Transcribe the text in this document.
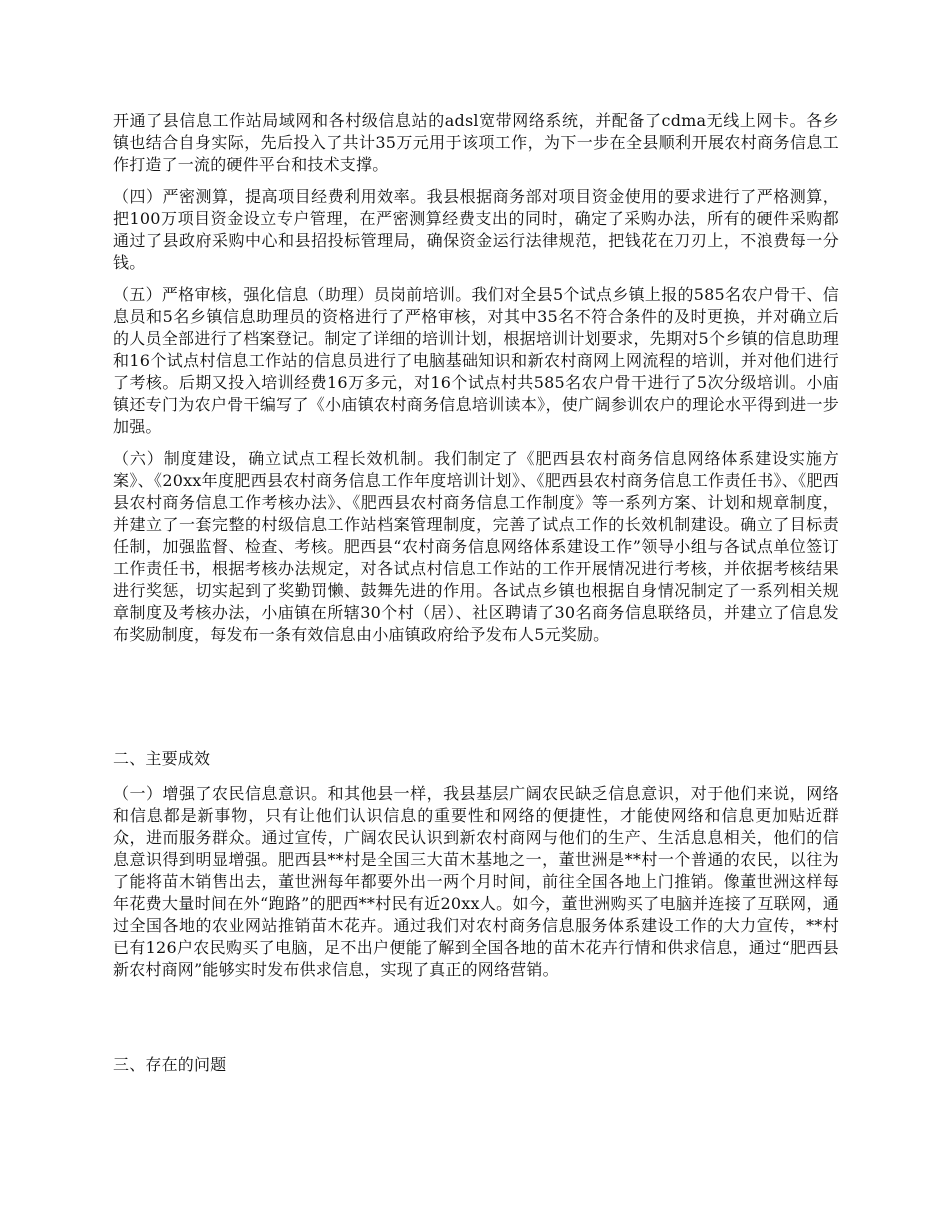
开通了县信息工作站局域网和各村级信息站的adsl宽带网络系统，并配备了cdma无线上网卡。各乡镇也结合自身实际，先后投入了共计35万元用于该项工作，为下一步在全县顺利开展农村商务信息工作打造了一流的硬件平台和技术支撑。

（四）严密测算，提高项目经费利用效率。我县根据商务部对项目资金使用的要求进行了严格测算，把100万项目资金设立专户管理，在严密测算经费支出的同时，确定了采购办法，所有的硬件采购都通过了县政府采购中心和县招投标管理局，确保资金运行法律规范，把钱花在刀刃上，不浪费每一分钱。

（五）严格审核，强化信息（助理）员岗前培训。我们对全县5个试点乡镇上报的585名农户骨干、信息员和5名乡镇信息助理员的资格进行了严格审核，对其中35名不符合条件的及时更换，并对确立后的人员全部进行了档案登记。制定了详细的培训计划，根据培训计划要求，先期对5个乡镇的信息助理和16个试点村信息工作站的信息员进行了电脑基础知识和新农村商网上网流程的培训，并对他们进行了考核。后期又投入培训经费16万多元，对16个试点村共585名农户骨干进行了5次分级培训。小庙镇还专门为农户骨干编写了《小庙镇农村商务信息培训读本》，使广阔参训农户的理论水平得到进一步加强。

（六）制度建设，确立试点工程长效机制。我们制定了《肥西县农村商务信息网络体系建设实施方案》、《20xx年度肥西县农村商务信息工作年度培训计划》、《肥西县农村商务信息工作责任书》、《肥西县农村商务信息工作考核办法》、《肥西县农村商务信息工作制度》等一系列方案、计划和规章制度，并建立了一套完整的村级信息工作站档案管理制度，完善了试点工作的长效机制建设。确立了目标责任制，加强监督、检查、考核。肥西县“农村商务信息网络体系建设工作”领导小组与各试点单位签订工作责任书，根据考核办法规定，对各试点村信息工作站的工作开展情况进行考核，并依据考核结果进行奖惩，切实起到了奖勤罚懒、鼓舞先进的作用。各试点乡镇也根据自身情况制定了一系列相关规章制度及考核办法，小庙镇在所辖30个村（居）、社区聘请了30名商务信息联络员，并建立了信息发布奖励制度，每发布一条有效信息由小庙镇政府给予发布人5元奖励。

二、主要成效

（一）增强了农民信息意识。和其他县一样，我县基层广阔农民缺乏信息意识，对于他们来说，网络和信息都是新事物，只有让他们认识信息的重要性和网络的便捷性，才能使网络和信息更加贴近群众，进而服务群众。通过宣传，广阔农民认识到新农村商网与他们的生产、生活息息相关，他们的信息意识得到明显增强。肥西县**村是全国三大苗木基地之一，董世洲是**村一个普通的农民，以往为了能将苗木销售出去，董世洲每年都要外出一两个月时间，前往全国各地上门推销。像董世洲这样每年花费大量时间在外“跑路”的肥西**村民有近20xx人。如今，董世洲购买了电脑并连接了互联网，通过全国各地的农业网站推销苗木花卉。通过我们对农村商务信息服务体系建设工作的大力宣传，**村已有126户农民购买了电脑，足不出户便能了解到全国各地的苗木花卉行情和供求信息，通过“肥西县新农村商网”能够实时发布供求信息，实现了真正的网络营销。

三、存在的问题
